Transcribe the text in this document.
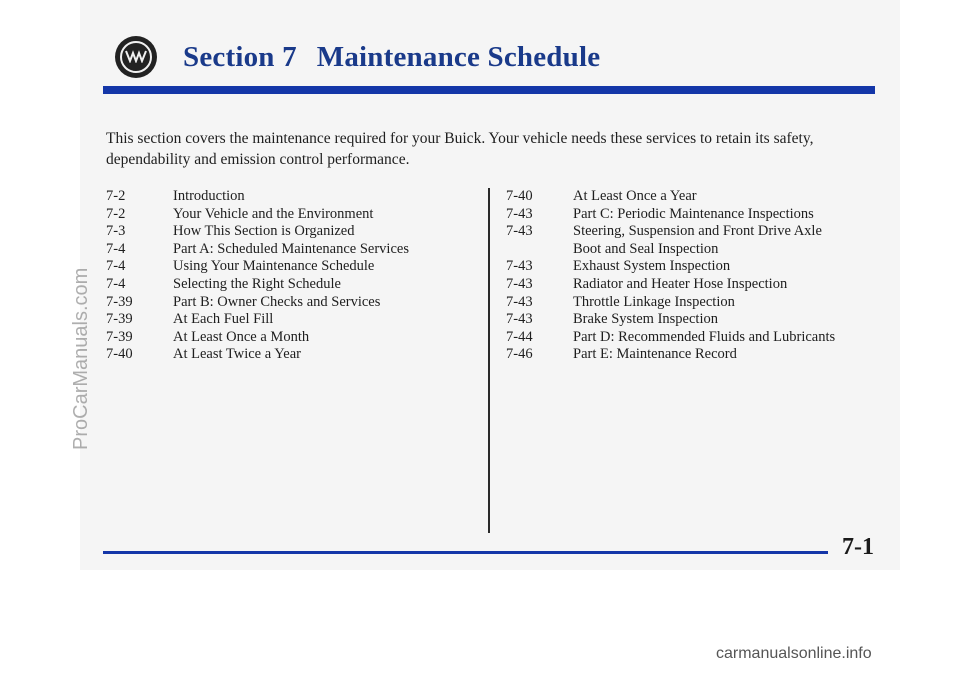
Section 7 Maintenance Schedule
This section covers the maintenance required for your Buick. Your vehicle needs these services to retain its safety, dependability and emission control performance.
7-2	Introduction
7-2	Your Vehicle and the Environment
7-3	How This Section is Organized
7-4	Part A: Scheduled Maintenance Services
7-4	Using Your Maintenance Schedule
7-4	Selecting the Right Schedule
7-39	Part B: Owner Checks and Services
7-39	At Each Fuel Fill
7-39	At Least Once a Month
7-40	At Least Twice a Year
7-40	At Least Once a Year
7-43	Part C: Periodic Maintenance Inspections
7-43	Steering, Suspension and Front Drive Axle
Boot and Seal Inspection
7-43	Exhaust System Inspection
7-43	Radiator and Heater Hose Inspection
7-43	Throttle Linkage Inspection
7-43	Brake System Inspection
7-44	Part D: Recommended Fluids and Lubricants
7-46	Part E: Maintenance Record
7-1
ProCarManuals.com
carmanualsonline.info
